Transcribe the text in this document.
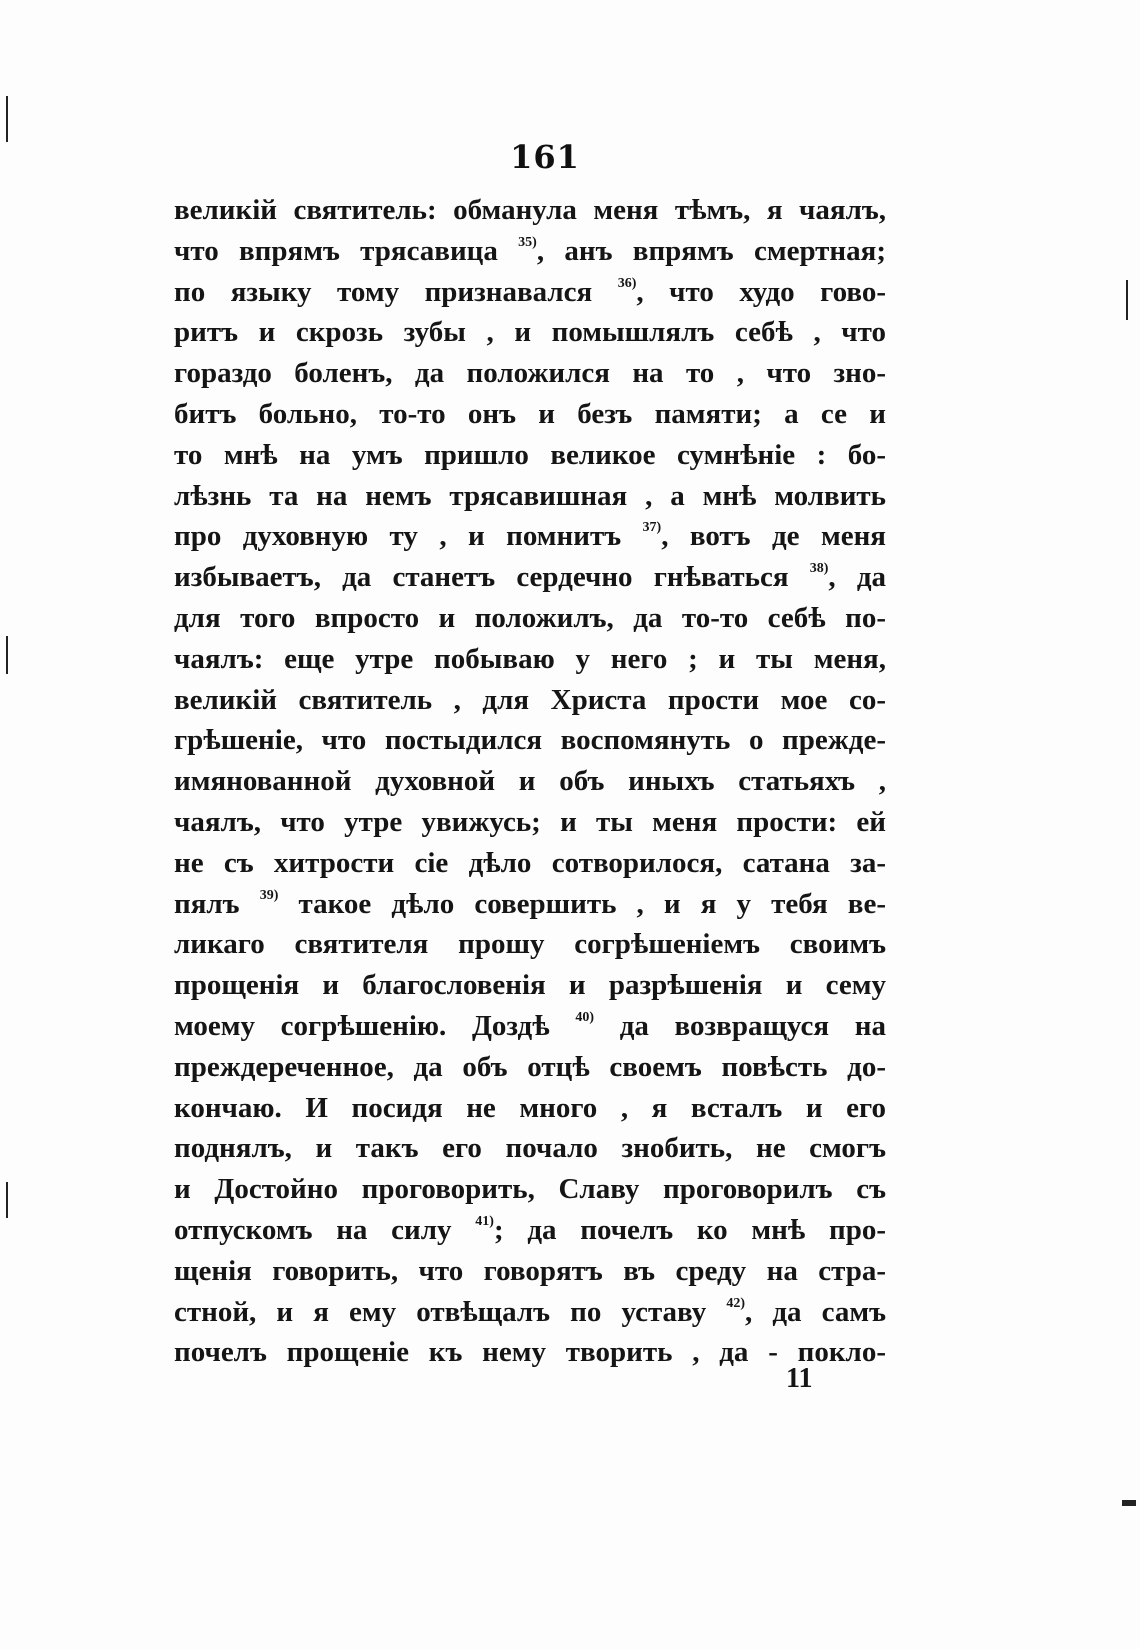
161
великій святитель: обманула меня тѣмъ, я чаялъ,
что впрямъ трясавица $^{35)}$, анъ впрямъ смертная;
по языку тому признавался $^{36)}$, что худо гово-
ритъ и скрозь зубы , и помышлялъ себѣ , что
гораздо боленъ, да положился на то , что зно-
битъ больно, то-то онъ и безъ памяти; а се и
то мнѣ на умъ пришло великое сумнѣніе : бо-
лѣзнь та на немъ трясавишная , а мнѣ молвить
про духовную ту , и помнитъ $^{37)}$, вотъ де меня
избываетъ, да станетъ сердечно гнѣваться $^{38)}$, да
для того впросто и положилъ, да то-то себѣ по-
чаялъ: еще утре побываю у него ; и ты меня,
великій святитель , для Христа прости мое со-
грѣшеніе, что постыдился воспомянуть о прежде-
имянованной духовной и объ иныхъ статьяхъ ,
чаялъ, что утре увижусь; и ты меня прости: ей
не съ хитрости сіе дѣло сотворилося, сатана за-
пялъ $^{39)}$ такое дѣло совершить , и я у тебя ве-
ликаго святителя прошу согрѣшеніемъ своимъ
прощенія и благословенія и разрѣшенія и сему
моему согрѣшенію. Доздѣ $^{40)}$ да возвращуся на
преждереченное, да объ отцѣ своемъ повѣсть до-
кончаю. И посидя не много , я всталъ и его
поднялъ, и такъ его почало знобить, не смогъ
и Достойно проговорить, Славу проговорилъ съ
отпускомъ на силу $^{41)}$; да почелъ ко мнѣ про-
щенія говорить, что говорятъ въ среду на стра-
стной, и я ему отвѣщалъ по уставу $^{42)}$, да самъ
почелъ прощеніе къ нему творить , да - покло-
11
